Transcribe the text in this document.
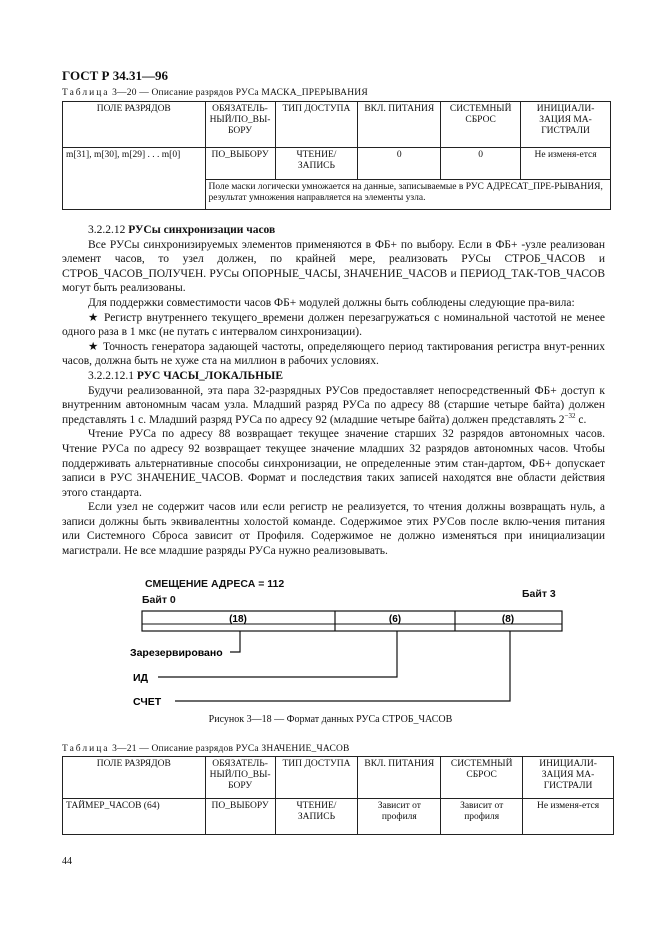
ГОСТ Р 34.31—96
Таблица 3—20 — Описание разрядов РУСа МАСКА_ПРЕРЫВАНИЯ
ПОЛЕ РАЗРЯДОВ	ОБЯЗАТЕЛЬ-НЫЙ/ПО_ВЫ-БОРУ	ТИП ДОСТУПА	ВКЛ. ПИТАНИЯ	СИСТЕМНЫЙ СБРОС	ИНИЦИАЛИ-ЗАЦИЯ МА-ГИСТРАЛИ
m[31], m[30], m[29] . . . m[0]	ПО_ВЫБОРУ	ЧТЕНИЕ/ ЗАПИСЬ	0	0	Не изменя-ется
	Поле маски логически умножается на данные, записываемые в РУС АДРЕСАТ_ПРЕ-РЫВАНИЯ, результат умножения направляется на элементы узла.				

3.2.2.12 РУСы синхронизации часов

Все РУСы синхронизируемых элементов применяются в ФБ+ по выбору. Если в ФБ+ -узле реализован элемент часов, то узел должен, по крайней мере, реализовать РУСы СТРОБ_ЧАСОВ и СТРОБ_ЧАСОВ_ПОЛУЧЕН. РУСы ОПОРНЫЕ_ЧАСЫ, ЗНАЧЕНИЕ_ЧАСОВ и ПЕРИОД_ТАК-ТОВ_ЧАСОВ могут быть реализованы.

Для поддержки совместимости часов ФБ+ модулей должны быть соблюдены следующие пра-вила:

★ Регистр внутреннего текущего_времени должен перезагружаться с номинальной частотой не менее одного раза в 1 мкс (не путать с интервалом синхронизации).

★ Точность генератора задающей частоты, определяющего период тактирования регистра внут-ренних часов, должна быть не хуже ста на миллион в рабочих условиях.

3.2.2.12.1 РУС ЧАСЫ_ЛОКАЛЬНЫЕ

Будучи реализованной, эта пара 32-разрядных РУСов предоставляет непосредственный ФБ+ доступ к внутренним автономным часам узла. Младший разряд РУСа по адресу 88 (старшие четыре байта) должен представлять 1 с. Младший разряд РУСа по адресу 92 (младшие четыре байта) должен представлять $2^{-32}$ с.

Чтение РУСа по адресу 88 возвращает текущее значение старших 32 разрядов автономных часов. Чтение РУСа по адресу 92 возвращает текущее значение младших 32 разрядов автономных часов. Чтобы поддерживать альтернативные способы синхронизации, не определенные этим стан-дартом, ФБ+ допускает записи в РУС ЗНАЧЕНИЕ_ЧАСОВ. Формат и последствия таких записей находятся вне области действия этого стандарта.

Если узел не содержит часов или если регистр не реализуется, то чтения должны возвращать нуль, а записи должны быть эквивалентны холостой команде. Содержимое этих РУСов после вклю-чения питания или Системного Сброса зависит от Профиля. Содержимое не должно изменяться при инициализации магистрали. Не все младшие разряды РУСа нужно реализовывать.

СМЕЩЕНИЕ АДРЕСА = 112
Байт 0	Байт 3
(18)	(6)	(8)
Зарезервировано
ИД
СЧЕТ
Рисунок 3—18 — Формат данных РУСа СТРОБ_ЧАСОВ
Таблица 3—21 — Описание разрядов РУСа ЗНАЧЕНИЕ_ЧАСОВ
ПОЛЕ РАЗРЯДОВ	ОБЯЗАТЕЛЬ-НЫЙ/ПО_ВЫ-БОРУ	ТИП ДОСТУПА	ВКЛ. ПИТАНИЯ	СИСТЕМНЫЙ СБРОС	ИНИЦИАЛИ-ЗАЦИЯ МА-ГИСТРАЛИ
ТАЙМЕР_ЧАСОВ (64)	ПО_ВЫБОРУ	ЧТЕНИЕ/ ЗАПИСЬ	Зависит от профиля	Зависит от профиля	Не изменя-ется
44
